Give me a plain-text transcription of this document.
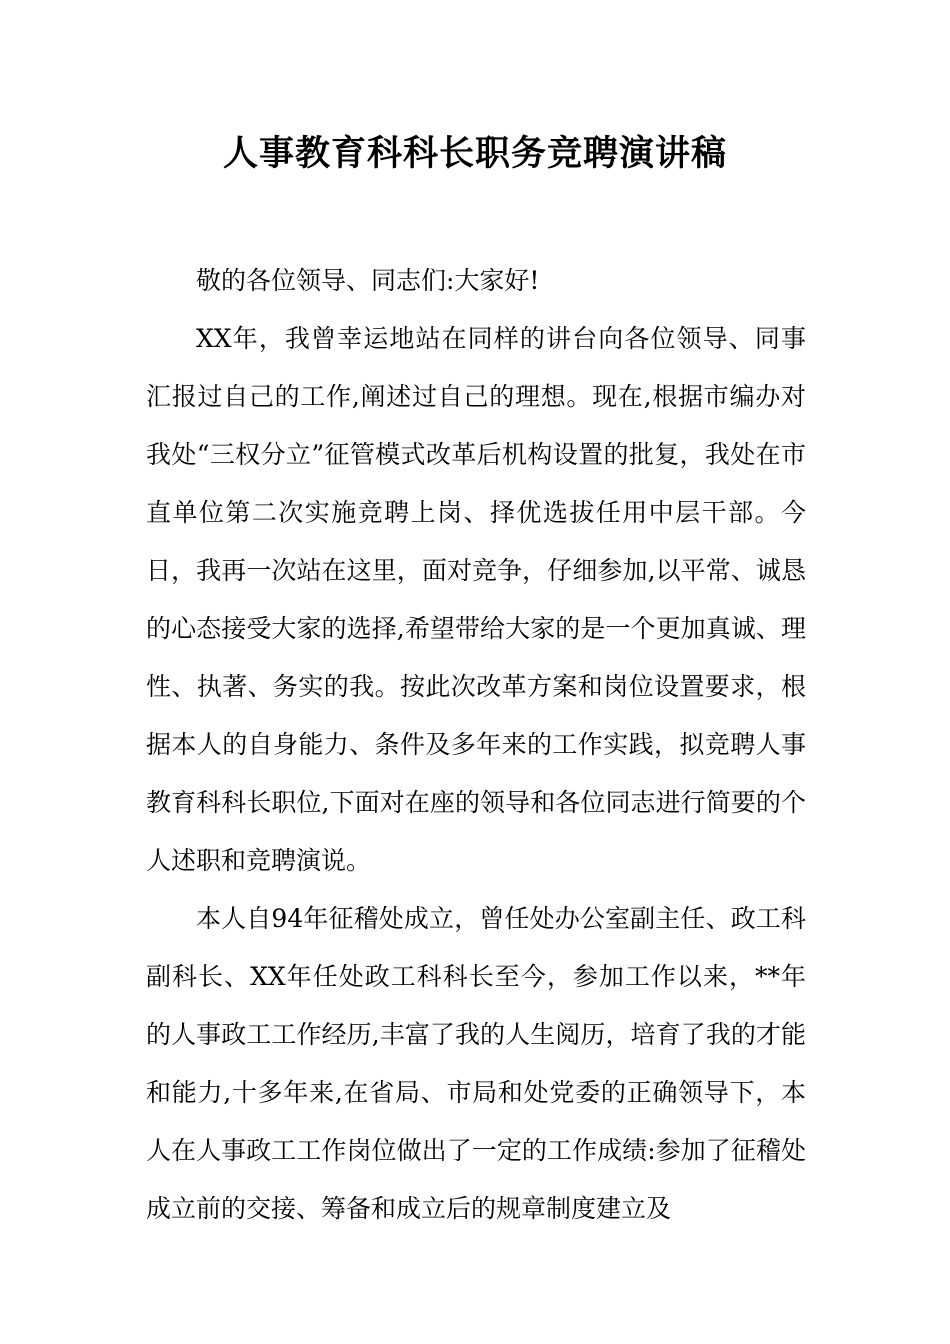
人事教育科科长职务竞聘演讲稿

敬的各位领导、同志们:大家好!

XX年，我曾幸运地站在同样的讲台向各位领导、同事汇报过自己的工作,阐述过自己的理想。现在,根据市编办对我处“三权分立”征管模式改革后机构设置的批复，我处在市直单位第二次实施竞聘上岗、择优选拔任用中层干部。今日，我再一次站在这里，面对竞争，仔细参加,以平常、诚恳的心态接受大家的选择,希望带给大家的是一个更加真诚、理性、执著、务实的我。按此次改革方案和岗位设置要求，根据本人的自身能力、条件及多年来的工作实践，拟竞聘人事教育科科长职位,下面对在座的领导和各位同志进行简要的个人述职和竞聘演说。

本人自94年征稽处成立，曾任处办公室副主任、政工科副科长、XX年任处政工科科长至今，参加工作以来，**年的人事政工工作经历,丰富了我的人生阅历，培育了我的才能和能力,十多年来,在省局、市局和处党委的正确领导下，本人在人事政工工作岗位做出了一定的工作成绩:参加了征稽处成立前的交接、筹备和成立后的规章制度建立及
